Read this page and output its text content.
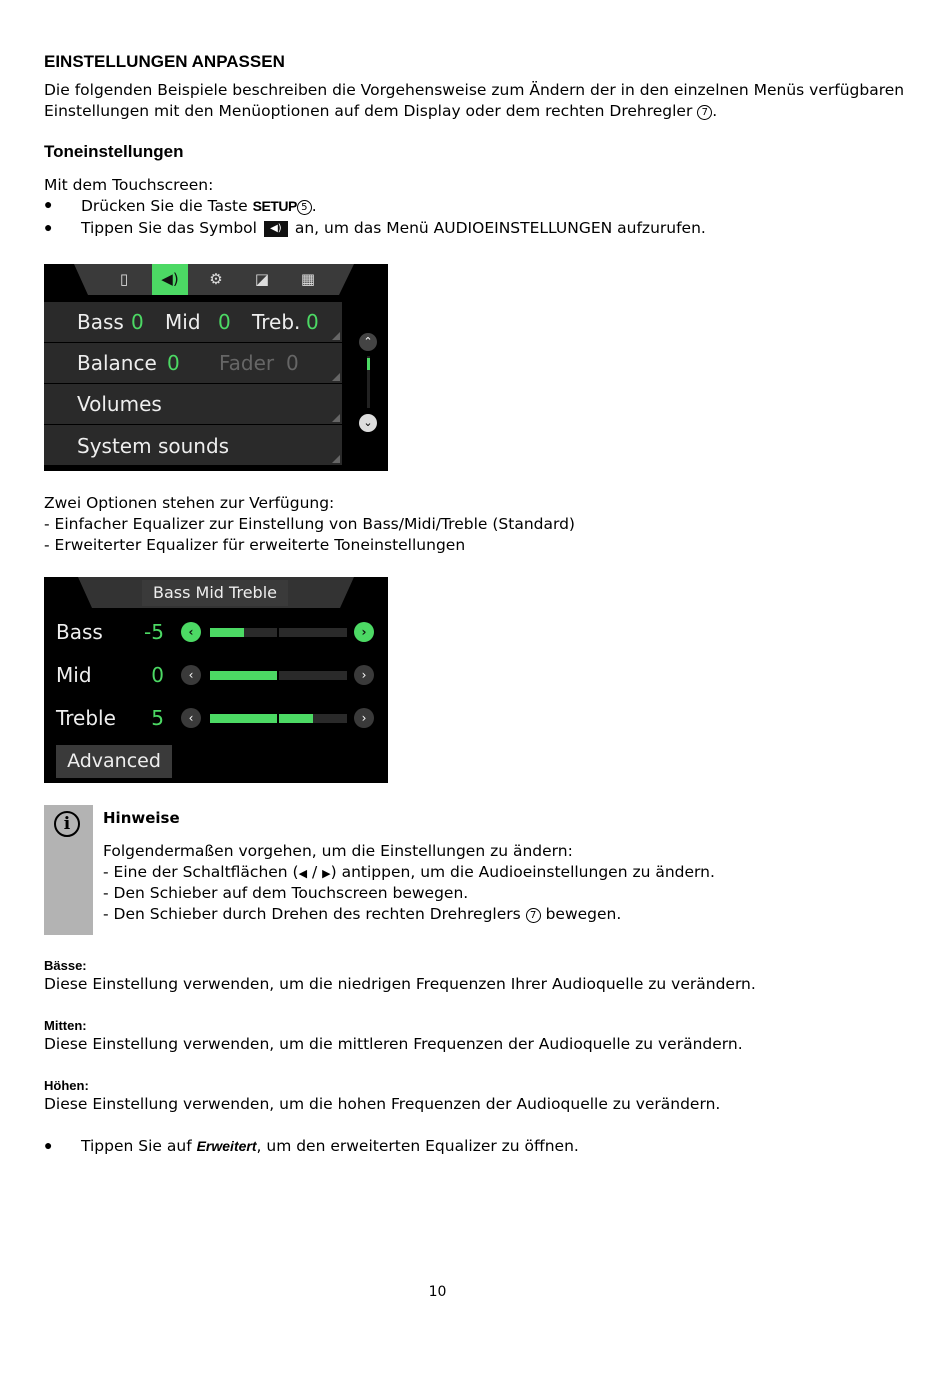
EINSTELLUNGEN ANPASSEN
Die folgenden Beispiele beschreiben die Vorgehensweise zum Ändern der in den einzelnen Menüs verfügbaren
Einstellungen mit den Menüoptionen auf dem Display oder dem rechten Drehregler 7 .
Toneinstellungen
Mit dem Touchscreen:
● Drücken Sie die Taste SETUP 5 .
● Tippen Sie das Symbol ◀) an, um das Menü AUDIOEINSTELLUNGEN aufzurufen.
▯	◀)	⚙	◪	▦
Bass 0 Mid 0 Treb. 0
Balance 0 Fader 0
Volumes
System sounds
⌃
⌄
Zwei Optionen stehen zur Verfügung:
- Einfacher Equalizer zur Einstellung von Bass/Midi/Treble (Standard)
- Erweiterter Equalizer für erweiterte Toneinstellungen
Bass Mid Treble
Bass -5	‹	›
Mid	0	‹	›
Treble	5	‹	›
Advanced
i	Hinweise
Folgendermaßen vorgehen, um die Einstellungen zu ändern:
- Eine der Schaltflächen (◀ / ▶) antippen, um die Audioeinstellungen zu ändern.
- Den Schieber auf dem Touchscreen bewegen.
- Den Schieber durch Drehen des rechten Drehreglers 7 bewegen.
Bässe:
Diese Einstellung verwenden, um die niedrigen Frequenzen Ihrer Audioquelle zu verändern.
Mitten:
Diese Einstellung verwenden, um die mittleren Frequenzen der Audioquelle zu verändern.
Höhen:
Diese Einstellung verwenden, um die hohen Frequenzen der Audioquelle zu verändern.
● Tippen Sie auf Erweitert, um den erweiterten Equalizer zu öffnen.
10
